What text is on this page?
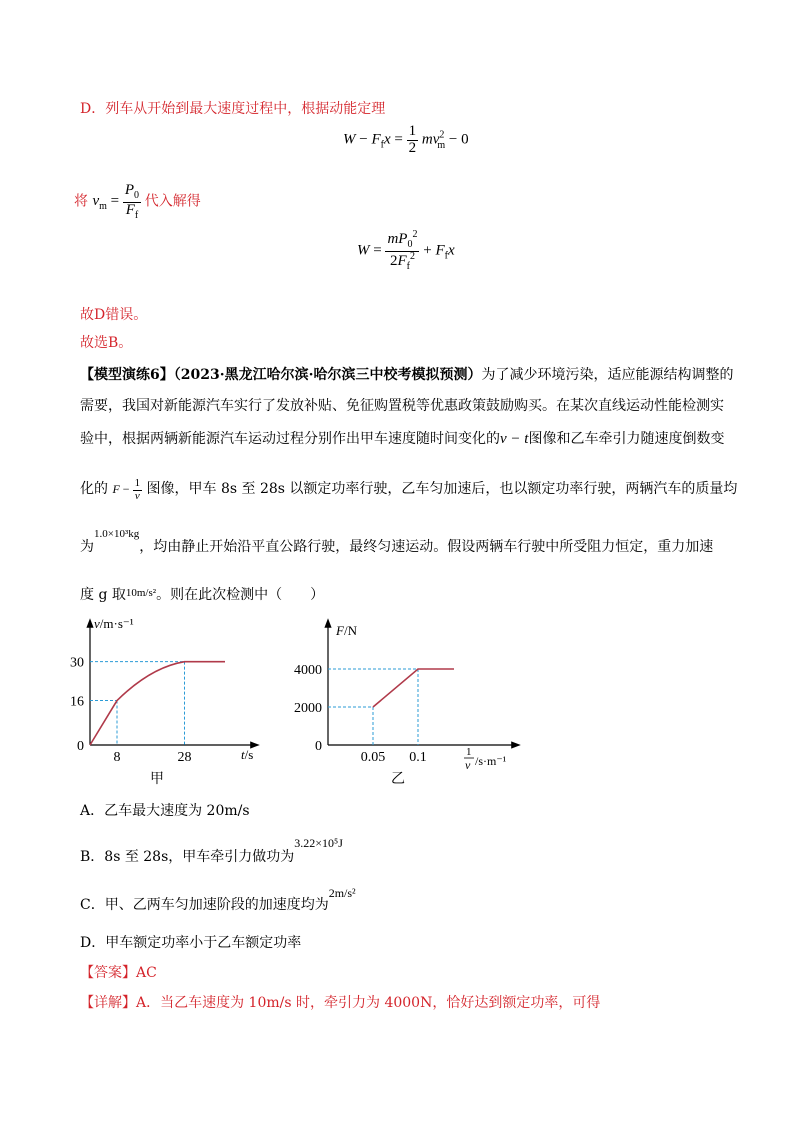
D．列车从开始到最大速度过程中，根据动能定理
$W - F_fx = \frac{1}{2} mv^2_m - 0$
将 $v_m = \frac{P_0}{F_f}$ 代入解得
$W = \frac{mP_0^2}{2F_f^2} + F_fx$
故D错误。
故选B。
【模型演练6】（2023·黑龙江哈尔滨·哈尔滨三中校考模拟预测）为了减少环境污染，适应能源结构调整的
需要，我国对新能源汽车实行了发放补贴、免征购置税等优惠政策鼓励购买。在某次直线运动性能检测实
验中，根据两辆新能源汽车运动过程分别作出甲车速度随时间变化的v − t图像和乙车牵引力随速度倒数变
化的 $F - \frac{1}{v}$ 图像，甲车 8s 至 28s 以额定功率行驶，乙车匀加速后，也以额定功率行驶，两辆汽车的质量均
为$^{1.0\times 10^3kg}$，均由静止开始沿平直公路行驶，最终匀速运动。假设两辆车行驶中所受阻力恒定，重力加速
度 g 取$^{10m/s^2}$。则在此次检测中（　　）
v/m·s⁻¹
0
16
30
8	28	t/s
甲
F/N
0
2000
4000
0.05 0.1	1
v /s·m⁻¹
乙
A．乙车最大速度为 20m/s
B．8s 至 28s，甲车牵引力做功为3.22×10⁵J
C．甲、乙两车匀加速阶段的加速度均为2m/s²
D．甲车额定功率小于乙车额定功率
【答案】AC
【详解】A．当乙车速度为 10m/s 时，牵引力为 4000N，恰好达到额定功率，可得
